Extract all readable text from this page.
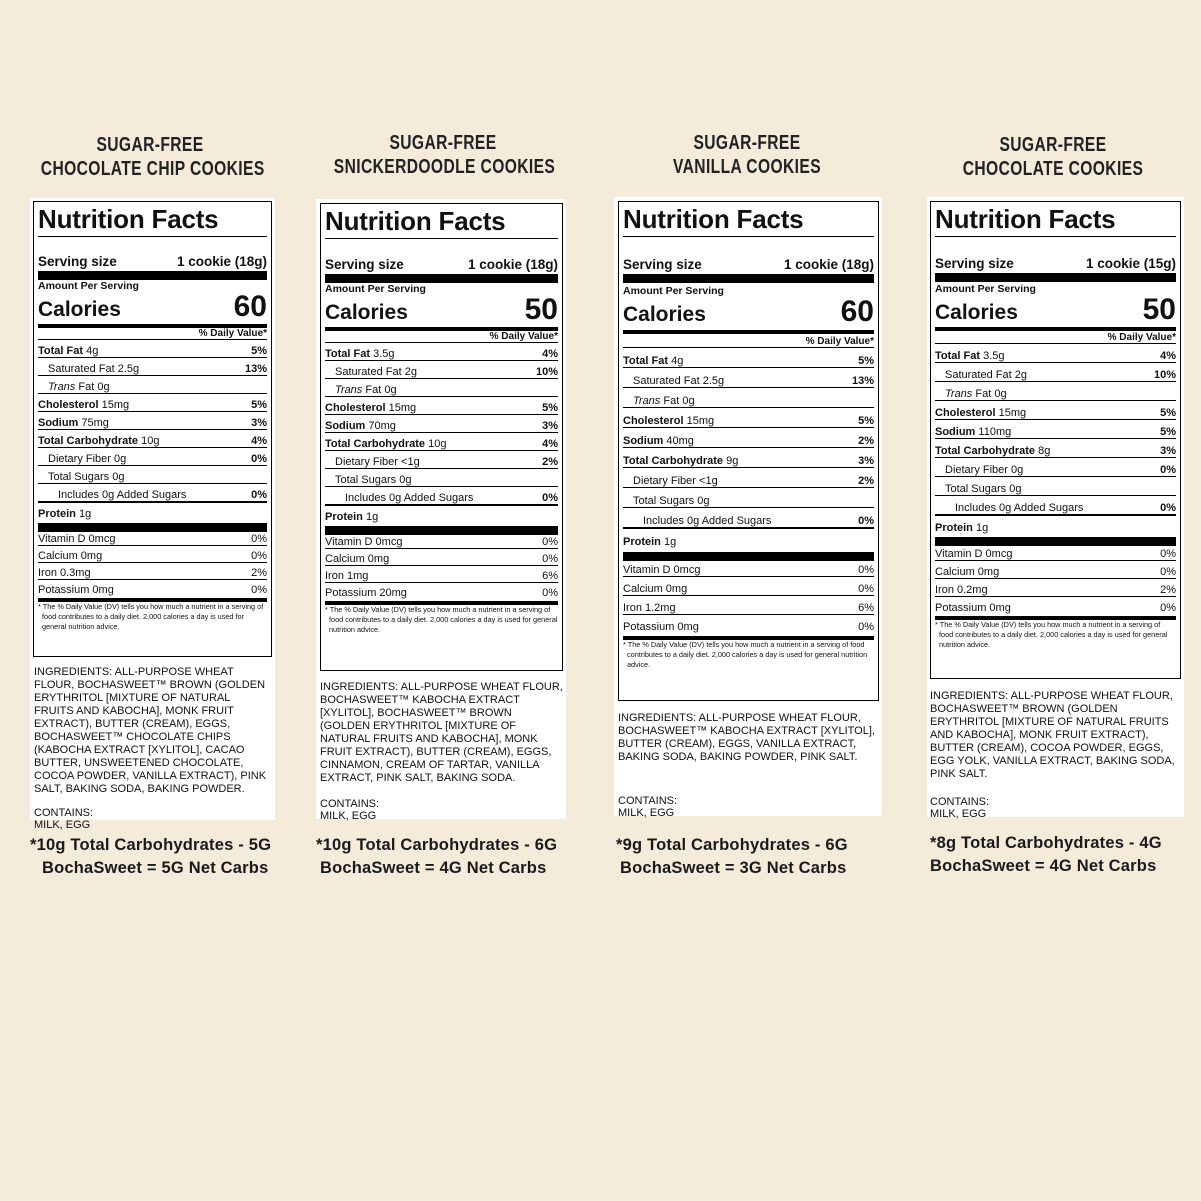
SUGAR-FREE
CHOCOLATE CHIP COOKIES
Nutrition Facts
Serving size	1 cookie (18g)
Amount Per Serving
Calories	60
% Daily Value*
Total Fat 4g	5%
Saturated Fat 2.5g	13%
Trans Fat 0g
Cholesterol 15mg	5%
Sodium 75mg	3%
Total Carbohydrate 10g	4%
Dietary Fiber 0g	0%
Total Sugars 0g
Includes 0g Added Sugars	0%
Protein 1g
Vitamin D 0mcg	0%
Calcium 0mg	0%
Iron 0.3mg	2%
Potassium 0mg	0%
* The % Daily Value (DV) tells you how much a nutrient in a serving of food contributes to a daily diet. 2,000 calories a day is used for general nutrition advice.
INGREDIENTS: ALL-PURPOSE WHEAT FLOUR, BOCHASWEET™ BROWN (GOLDEN ERYTHRITOL [MIXTURE OF NATURAL FRUITS AND KABOCHA], MONK FRUIT EXTRACT), BUTTER (CREAM), EGGS, BOCHASWEET™ CHOCOLATE CHIPS (KABOCHA EXTRACT [XYLITOL], CACAO BUTTER, UNSWEETENED CHOCOLATE, COCOA POWDER, VANILLA EXTRACT), PINK SALT, BAKING SODA, BAKING POWDER.
CONTAINS: MILK, EGG
*10g Total Carbohydrates - 5G
BochaSweet = 5G Net Carbs
SUGAR-FREE
SNICKERDOODLE COOKIES
Nutrition Facts
Serving size	1 cookie (18g)
Amount Per Serving
Calories	50
% Daily Value*
Total Fat 3.5g	4%
Saturated Fat 2g	10%
Trans Fat 0g
Cholesterol 15mg	5%
Sodium 70mg	3%
Total Carbohydrate 10g	4%
Dietary Fiber <1g	2%
Total Sugars 0g
Includes 0g Added Sugars	0%
Protein 1g
Vitamin D 0mcg	0%
Calcium 0mg	0%
Iron 1mg	6%
Potassium 20mg	0%
* The % Daily Value (DV) tells you how much a nutrient in a serving of food contributes to a daily diet. 2,000 calories a day is used for general nutrition advice.
INGREDIENTS: ALL-PURPOSE WHEAT FLOUR, BOCHASWEET™ KABOCHA EXTRACT [XYLITOL], BOCHASWEET™ BROWN (GOLDEN ERYTHRITOL [MIXTURE OF NATURAL FRUITS AND KABOCHA], MONK FRUIT EXTRACT), BUTTER (CREAM), EGGS, CINNAMON, CREAM OF TARTAR, VANILLA EXTRACT, PINK SALT, BAKING SODA.
CONTAINS: MILK, EGG
*10g Total Carbohydrates - 6G
BochaSweet = 4G Net Carbs
SUGAR-FREE
VANILLA COOKIES
Nutrition Facts
Serving size	1 cookie (18g)
Amount Per Serving
Calories	60
% Daily Value*
Total Fat 4g	5%
Saturated Fat 2.5g	13%
Trans Fat 0g
Cholesterol 15mg	5%
Sodium 40mg	2%
Total Carbohydrate 9g	3%
Dietary Fiber <1g	2%
Total Sugars 0g
Includes 0g Added Sugars	0%
Protein 1g
Vitamin D 0mcg	0%
Calcium 0mg	0%
Iron 1.2mg	6%
Potassium 0mg	0%
* The % Daily Value (DV) tells you how much a nutrient in a serving of food contributes to a daily diet. 2,000 calories a day is used for general nutrition advice.
INGREDIENTS: ALL-PURPOSE WHEAT FLOUR, BOCHASWEET™ KABOCHA EXTRACT [XYLITOL], BUTTER (CREAM), EGGS, VANILLA EXTRACT, BAKING SODA, BAKING POWDER, PINK SALT.
CONTAINS: MILK, EGG
*9g Total Carbohydrates - 6G
BochaSweet = 3G Net Carbs
SUGAR-FREE
CHOCOLATE COOKIES
Nutrition Facts
Serving size	1 cookie (15g)
Amount Per Serving
Calories	50
% Daily Value*
Total Fat 3.5g	4%
Saturated Fat 2g	10%
Trans Fat 0g
Cholesterol 15mg	5%
Sodium 110mg	5%
Total Carbohydrate 8g	3%
Dietary Fiber 0g	0%
Total Sugars 0g
Includes 0g Added Sugars	0%
Protein 1g
Vitamin D 0mcg	0%
Calcium 0mg	0%
Iron 0.2mg	2%
Potassium 0mg	0%
* The % Daily Value (DV) tells you how much a nutrient in a serving of food contributes to a daily diet. 2,000 calories a day is used for general nutrition advice.
INGREDIENTS: ALL-PURPOSE WHEAT FLOUR, BOCHASWEET™ BROWN (GOLDEN ERYTHRITOL [MIXTURE OF NATURAL FRUITS AND KABOCHA], MONK FRUIT EXTRACT), BUTTER (CREAM), COCOA POWDER, EGGS, EGG YOLK, VANILLA EXTRACT, BAKING SODA, PINK SALT.
CONTAINS: MILK, EGG
*8g Total Carbohydrates - 4G
BochaSweet = 4G Net Carbs
